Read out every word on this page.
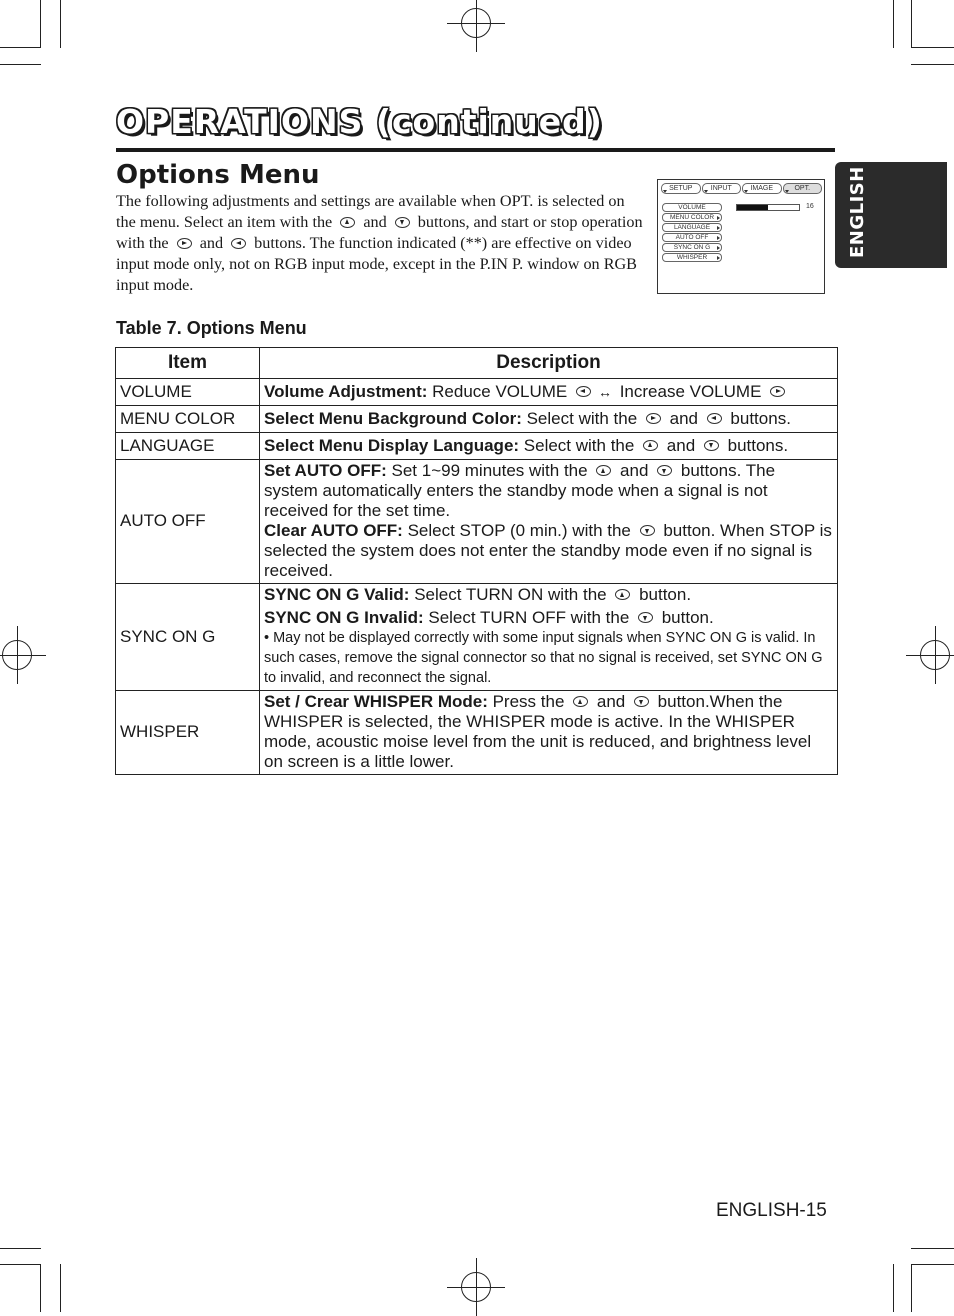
OPERATIONS (continued)
ENGLISH
Options Menu
The following adjustments and settings are available when OPT. is selected on the menu. Select an item with the  and  buttons, and start or stop operation with the  and  buttons. The function indicated (**) are effective on video input mode only, not on RGB input mode, except in the P.IN P. window on RGB input mode.
SETUP	INPUT	IMAGE	OPT.
VOLUME
MENU COLOR
LANGUAGE
AUTO OFF
SYNC ON G
WHISPER
16
Table 7. Options Menu
Item	Description
VOLUME	Volume Adjustment: Reduce VOLUME ↔ Increase VOLUME
MENU COLOR	Select Menu Background Color: Select with the  and  buttons.
LANGUAGE	Select Menu Display Language: Select with the  and  buttons.
AUTO OFF	Set AUTO OFF: Set 1~99 minutes with the  and  buttons. The system automatically enters the standby mode when a signal is not received for the set time.
Clear AUTO OFF: Select STOP (0 min.) with the  button. When STOP is selected the system does not enter the standby mode even if no signal is received.

SYNC ON G	SYNC ON G Valid: Select TURN ON with the  button.
SYNC ON G Invalid: Select TURN OFF with the  button.
• May not be displayed correctly with some input signals when SYNC ON G is valid. In such cases, remove the signal connector so that no signal is received, set SYNC ON G to invalid, and reconnect the signal.

WHISPER	Set / Crear WHISPER Mode: Press the  and  button.When the WHISPER is selected, the WHISPER mode is active. In the WHISPER mode, acoustic moise level from the unit is reduced, and brightness level on screen is a little lower.
ENGLISH-15
